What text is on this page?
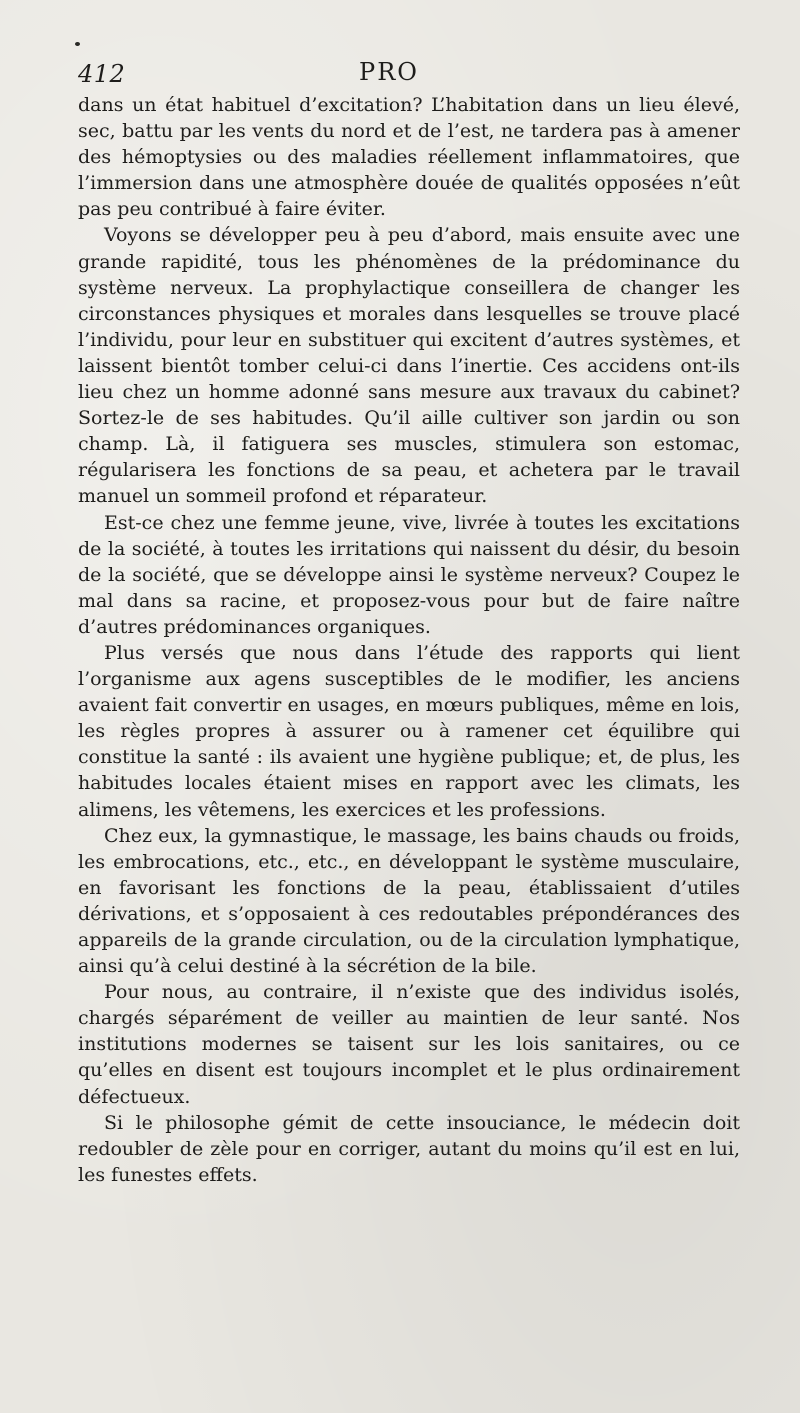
412	PRO

dans un état habituel d’excitation? L’habitation dans un lieu élevé, sec, battu par les vents du nord et de l’est, ne tardera pas à amener des hémoptysies ou des maladies réellement inflammatoires, que l’immersion dans une atmosphère douée de qualités opposées n’eût pas peu contribué à faire éviter.

Voyons se développer peu à peu d’abord, mais ensuite avec une grande rapidité, tous les phénomènes de la prédominance du système nerveux. La prophylactique conseillera de changer les circonstances physiques et morales dans lesquelles se trouve placé l’individu, pour leur en substituer qui excitent d’autres systèmes, et laissent bientôt tomber celui-ci dans l’inertie. Ces accidens ont-ils lieu chez un homme adonné sans mesure aux travaux du cabinet? Sortez-le de ses habitudes. Qu’il aille cultiver son jardin ou son champ. Là, il fatiguera ses muscles, stimulera son estomac, régularisera les fonctions de sa peau, et achetera par le travail manuel un sommeil profond et réparateur.

Est-ce chez une femme jeune, vive, livrée à toutes les excitations de la société, à toutes les irritations qui naissent du désir, du besoin de la société, que se développe ainsi le système nerveux? Coupez le mal dans sa racine, et proposez-vous pour but de faire naître d’autres prédominances organiques.

Plus versés que nous dans l’étude des rapports qui lient l’organisme aux agens susceptibles de le modifier, les anciens avaient fait convertir en usages, en mœurs publiques, même en lois, les règles propres à assurer ou à ramener cet équilibre qui constitue la santé : ils avaient une hygiène publique; et, de plus, les habitudes locales étaient mises en rapport avec les climats, les alimens, les vêtemens, les exercices et les professions.

Chez eux, la gymnastique, le massage, les bains chauds ou froids, les embrocations, etc., etc., en développant le système musculaire, en favorisant les fonctions de la peau, établissaient d’utiles dérivations, et s’opposaient à ces redoutables prépondérances des appareils de la grande circulation, ou de la circulation lymphatique, ainsi qu’à celui destiné à la sécrétion de la bile.

Pour nous, au contraire, il n’existe que des individus isolés, chargés séparément de veiller au maintien de leur santé. Nos institutions modernes se taisent sur les lois sanitaires, ou ce qu’elles en disent est toujours incomplet et le plus ordinairement défectueux.

Si le philosophe gémit de cette insouciance, le médecin doit redoubler de zèle pour en corriger, autant du moins qu’il est en lui, les funestes effets.
